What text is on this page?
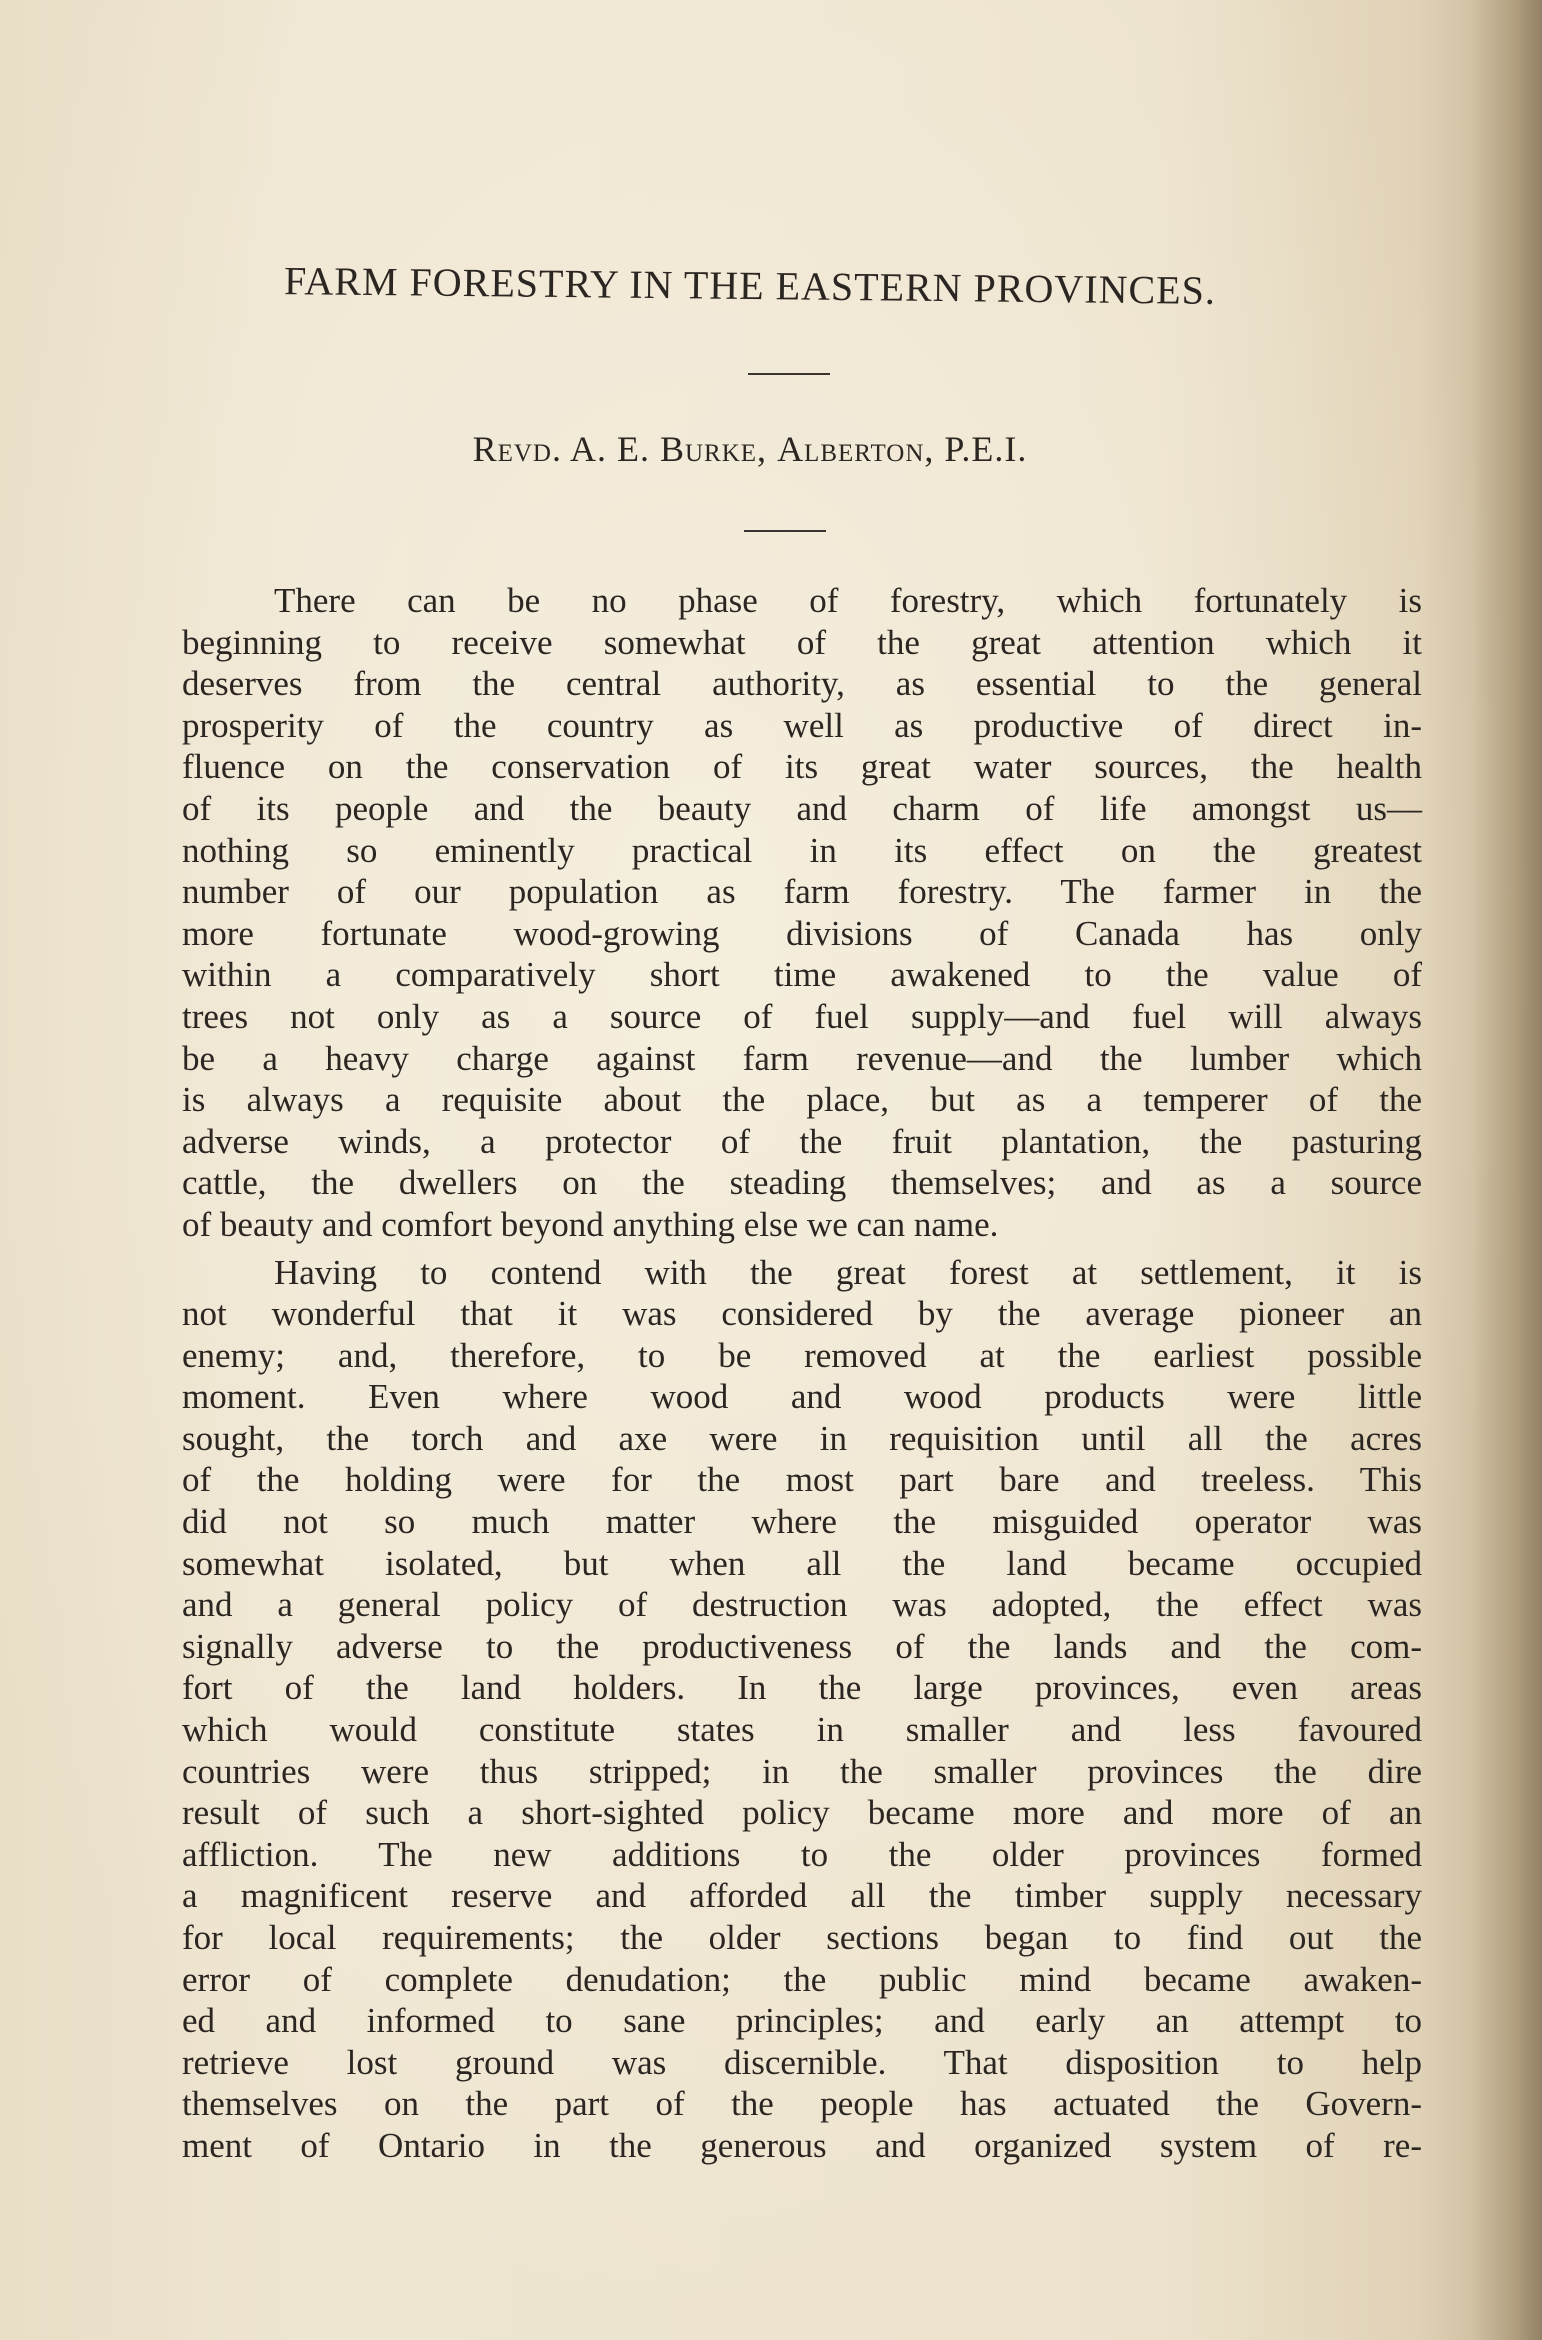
FARM FORESTRY IN THE EASTERN PROVINCES.
Revd. A. E. Burke, Alberton, P.E.I.
There can be no phase of forestry, which fortunately is
beginning to receive somewhat of the great attention which it
deserves from the central authority, as essential to the general
prosperity of the country as well as productive of direct in-
fluence on the conservation of its great water sources, the health
of its people and the beauty and charm of life amongst us—
nothing so eminently practical in its effect on the greatest
number of our population as farm forestry. The farmer in the
more fortunate wood-growing divisions of Canada has only
within a comparatively short time awakened to the value of
trees not only as a source of fuel supply—and fuel will always
be a heavy charge against farm revenue—and the lumber which
is always a requisite about the place, but as a temperer of the
adverse winds, a protector of the fruit plantation, the pasturing
cattle, the dwellers on the steading themselves; and as a source
of beauty and comfort beyond anything else we can name.
Having to contend with the great forest at settlement, it is
not wonderful that it was considered by the average pioneer an
enemy; and, therefore, to be removed at the earliest possible
moment. Even where wood and wood products were little
sought, the torch and axe were in requisition until all the acres
of the holding were for the most part bare and treeless. This
did not so much matter where the misguided operator was
somewhat isolated, but when all the land became occupied
and a general policy of destruction was adopted, the effect was
signally adverse to the productiveness of the lands and the com-
fort of the land holders. In the large provinces, even areas
which would constitute states in smaller and less favoured
countries were thus stripped; in the smaller provinces the dire
result of such a short-sighted policy became more and more of an
affliction. The new additions to the older provinces formed
a magnificent reserve and afforded all the timber supply necessary
for local requirements; the older sections began to find out the
error of complete denudation; the public mind became awaken-
ed and informed to sane principles; and early an attempt to
retrieve lost ground was discernible. That disposition to help
themselves on the part of the people has actuated the Govern-
ment of Ontario in the generous and organized system of re-
